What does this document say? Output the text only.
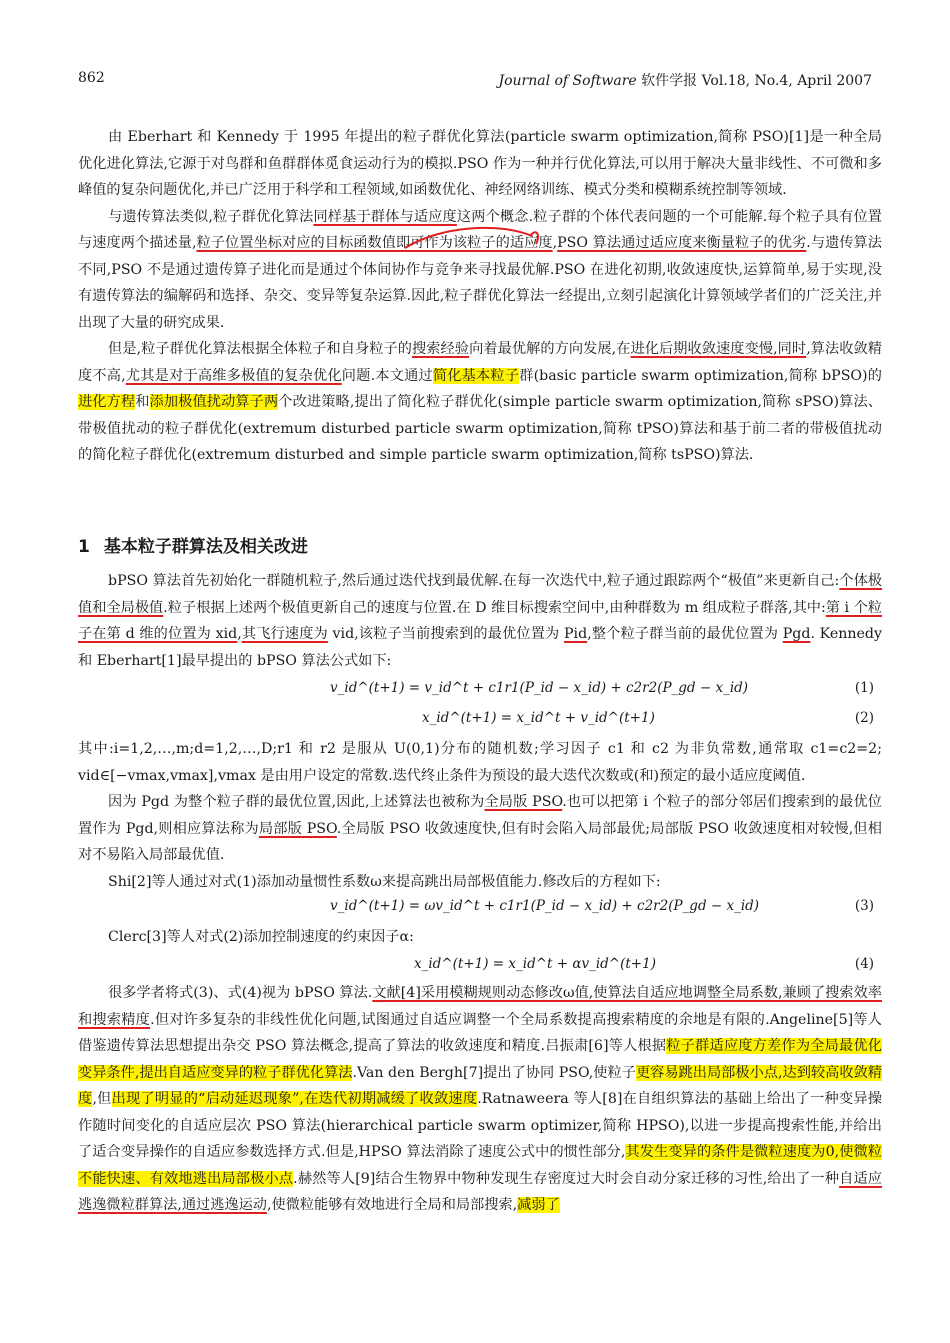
862	Journal of Software 软件学报 Vol.18, No.4, April 2007

由 Eberhart 和 Kennedy 于 1995 年提出的粒子群优化算法(particle swarm optimization,简称 PSO)[1]是一种全局优化进化算法,它源于对鸟群和鱼群群体觅食运动行为的模拟.PSO 作为一种并行优化算法,可以用于解决大量非线性、不可微和多峰值的复杂问题优化,并已广泛用于科学和工程领域,如函数优化、神经网络训练、模式分类和模糊系统控制等领域.

与遗传算法类似,粒子群优化算法同样基于群体与适应度这两个概念.粒子群的个体代表问题的一个可能解.每个粒子具有位置与速度两个描述量,粒子位置坐标对应的目标函数值即可作为该粒子的适应度,PSO 算法通过适应度来衡量粒子的优劣.与遗传算法不同,PSO 不是通过遗传算子进化而是通过个体间协作与竞争来寻找最优解.PSO 在进化初期,收敛速度快,运算简单,易于实现,没有遗传算法的编解码和选择、杂交、变异等复杂运算.因此,粒子群优化算法一经提出,立刻引起演化计算领域学者们的广泛关注,并出现了大量的研究成果.

但是,粒子群优化算法根据全体粒子和自身粒子的搜索经验向着最优解的方向发展,在进化后期收敛速度变慢,同时,算法收敛精度不高,尤其是对于高维多极值的复杂优化问题.本文通过简化基本粒子群(basic particle swarm optimization,简称 bPSO)的进化方程和添加极值扰动算子两个改进策略,提出了简化粒子群优化(simple particle swarm optimization,简称 sPSO)算法、带极值扰动的粒子群优化(extremum disturbed particle swarm optimization,简称 tPSO)算法和基于前二者的带极值扰动的简化粒子群优化(extremum disturbed and simple particle swarm optimization,简称 tsPSO)算法.

1 基本粒子群算法及相关改进

bPSO 算法首先初始化一群随机粒子,然后通过迭代找到最优解.在每一次迭代中,粒子通过跟踪两个“极值”来更新自己:个体极值和全局极值.粒子根据上述两个极值更新自己的速度与位置.在 D 维目标搜索空间中,由种群数为 m 组成粒子群落,其中:第 i 个粒子在第 d 维的位置为 xid,其飞行速度为 vid,该粒子当前搜索到的最优位置为 Pid,整个粒子群当前的最优位置为 Pgd. Kennedy 和 Eberhart[1]最早提出的 bPSO 算法公式如下:

v_id^(t+1) = v_id^t + c1r1(P_id − x_id) + c2r2(P_gd − x_id)	(1)
x_id^(t+1) = x_id^t + v_id^(t+1)	(2)

其中:i=1,2,…,m;d=1,2,…,D;r1 和 r2 是服从 U(0,1)分布的随机数;学习因子 c1 和 c2 为非负常数,通常取 c1=c2=2; vid∈[−vmax,vmax],vmax 是由用户设定的常数.迭代终止条件为预设的最大迭代次数或(和)预定的最小适应度阈值.

因为 Pgd 为整个粒子群的最优位置,因此,上述算法也被称为全局版 PSO.也可以把第 i 个粒子的部分邻居们搜索到的最优位置作为 Pgd,则相应算法称为局部版 PSO.全局版 PSO 收敛速度快,但有时会陷入局部最优;局部版 PSO 收敛速度相对较慢,但相对不易陷入局部最优值.

Shi[2]等人通过对式(1)添加动量惯性系数ω来提高跳出局部极值能力.修改后的方程如下:

v_id^(t+1) = ωv_id^t + c1r1(P_id − x_id) + c2r2(P_gd − x_id)	(3)

Clerc[3]等人对式(2)添加控制速度的约束因子α:

x_id^(t+1) = x_id^t + αv_id^(t+1)	(4)

很多学者将式(3)、式(4)视为 bPSO 算法.文献[4]采用模糊规则动态修改ω值,使算法自适应地调整全局系数,兼顾了搜索效率和搜索精度.但对许多复杂的非线性优化问题,试图通过自适应调整一个全局系数提高搜索精度的余地是有限的.Angeline[5]等人借鉴遗传算法思想提出杂交 PSO 算法概念,提高了算法的收敛速度和精度.吕振肃[6]等人根据粒子群适应度方差作为全局最优化变异条件,提出自适应变异的粒子群优化算法.Van den Bergh[7]提出了协同 PSO,使粒子更容易跳出局部极小点,达到较高收敛精度,但出现了明显的“启动延迟现象”,在迭代初期减缓了收敛速度.Ratnaweera 等人[8]在自组织算法的基础上给出了一种变异操作随时间变化的自适应层次 PSO 算法(hierarchical particle swarm optimizer,简称 HPSO),以进一步提高搜索性能,并给出了适合变异操作的自适应参数选择方式.但是,HPSO 算法消除了速度公式中的惯性部分,其发生变异的条件是微粒速度为0,使微粒不能快速、有效地逃出局部极小点.赫然等人[9]结合生物界中物种发现生存密度过大时会自动分家迁移的习性,给出了一种自适应逃逸微粒群算法,通过逃逸运动,使微粒能够有效地进行全局和局部搜索,减弱了
